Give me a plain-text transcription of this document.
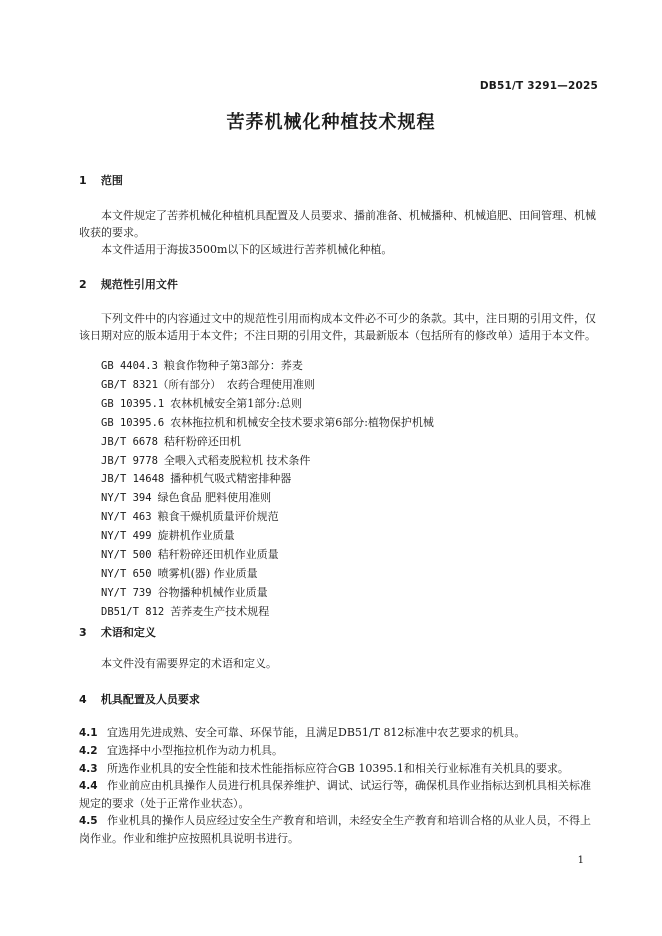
DB51/T 3291—2025
苦荞机械化种植技术规程
1 范围
本文件规定了苦荞机械化种植机具配置及人员要求、播前准备、机械播种、机械追肥、田间管理、机械收获的要求。
本文件适用于海拔3500m以下的区域进行苦荞机械化种植。
2 规范性引用文件
下列文件中的内容通过文中的规范性引用而构成本文件必不可少的条款。其中，注日期的引用文件，仅该日期对应的版本适用于本文件；不注日期的引用文件，其最新版本（包括所有的修改单）适用于本文件。
GB 4404.3 粮食作物种子第3部分：荞麦
GB/T 8321（所有部分） 农药合理使用准则
GB 10395.1 农林机械安全第1部分:总则
GB 10395.6 农林拖拉机和机械安全技术要求第6部分:植物保护机械
JB/T 6678 秸秆粉碎还田机
JB/T 9778 全喂入式稻麦脱粒机 技术条件
JB/T 14648 播种机气吸式精密排种器
NY/T 394 绿色食品 肥料使用准则
NY/T 463 粮食干燥机质量评价规范
NY/T 499 旋耕机作业质量
NY/T 500 秸秆粉碎还田机作业质量
NY/T 650 喷雾机(器) 作业质量
NY/T 739 谷物播种机械作业质量
DB51/T 812 苦荞麦生产技术规程
3 术语和定义
本文件没有需要界定的术语和定义。
4 机具配置及人员要求
4.1 宜选用先进成熟、安全可靠、环保节能，且满足DB51/T 812标准中农艺要求的机具。
4.2 宜选择中小型拖拉机作为动力机具。
4.3 所选作业机具的安全性能和技术性能指标应符合GB 10395.1和相关行业标准有关机具的要求。
4.4 作业前应由机具操作人员进行机具保养维护、调试、试运行等，确保机具作业指标达到机具相关标准规定的要求（处于正常作业状态）。
4.5 作业机具的操作人员应经过安全生产教育和培训，未经安全生产教育和培训合格的从业人员，不得上岗作业。作业和维护应按照机具说明书进行。
1
